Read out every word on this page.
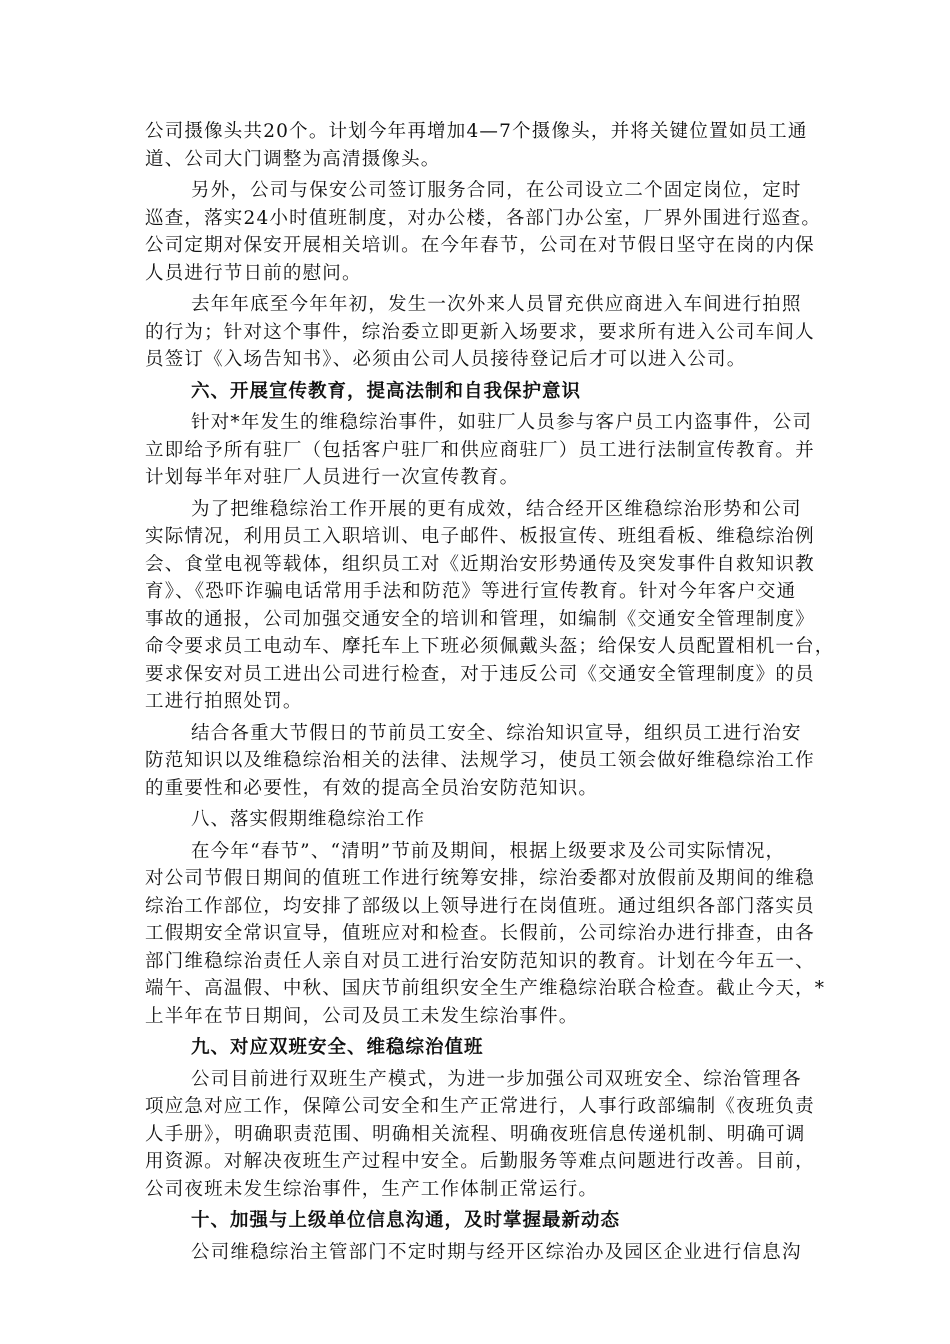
公司摄像头共20个。计划今年再增加4—7个摄像头，并将关键位置如员工通
道、公司大门调整为高清摄像头。
另外，公司与保安公司签订服务合同，在公司设立二个固定岗位，定时
巡查，落实24小时值班制度，对办公楼，各部门办公室，厂界外围进行巡查。
公司定期对保安开展相关培训。在今年春节，公司在对节假日坚守在岗的内保
人员进行节日前的慰问。
去年年底至今年年初，发生一次外来人员冒充供应商进入车间进行拍照
的行为；针对这个事件，综治委立即更新入场要求，要求所有进入公司车间人
员签订《入场告知书》、必须由公司人员接待登记后才可以进入公司。
六、开展宣传教育，提高法制和自我保护意识
针对*年发生的维稳综治事件，如驻厂人员参与客户员工内盗事件，公司
立即给予所有驻厂（包括客户驻厂和供应商驻厂）员工进行法制宣传教育。并
计划每半年对驻厂人员进行一次宣传教育。
为了把维稳综治工作开展的更有成效，结合经开区维稳综治形势和公司
实际情况，利用员工入职培训、电子邮件、板报宣传、班组看板、维稳综治例
会、食堂电视等载体，组织员工对《近期治安形势通传及突发事件自救知识教
育》、《恐吓诈骗电话常用手法和防范》等进行宣传教育。针对今年客户交通
事故的通报，公司加强交通安全的培训和管理，如编制《交通安全管理制度》
命令要求员工电动车、摩托车上下班必须佩戴头盔；给保安人员配置相机一台，
要求保安对员工进出公司进行检查，对于违反公司《交通安全管理制度》的员
工进行拍照处罚。
结合各重大节假日的节前员工安全、综治知识宣导，组织员工进行治安
防范知识以及维稳综治相关的法律、法规学习，使员工领会做好维稳综治工作
的重要性和必要性，有效的提高全员治安防范知识。
八、落实假期维稳综治工作
在今年“春节”、“清明”节前及期间，根据上级要求及公司实际情况，
对公司节假日期间的值班工作进行统筹安排，综治委都对放假前及期间的维稳
综治工作部位，均安排了部级以上领导进行在岗值班。通过组织各部门落实员
工假期安全常识宣导，值班应对和检查。长假前，公司综治办进行排查，由各
部门维稳综治责任人亲自对员工进行治安防范知识的教育。计划在今年五一、
端午、高温假、中秋、国庆节前组织安全生产维稳综治联合检查。截止今天，*
上半年在节日期间，公司及员工未发生综治事件。
九、对应双班安全、维稳综治值班
公司目前进行双班生产模式，为进一步加强公司双班安全、综治管理各
项应急对应工作，保障公司安全和生产正常进行，人事行政部编制《夜班负责
人手册》，明确职责范围、明确相关流程、明确夜班信息传递机制、明确可调
用资源。对解决夜班生产过程中安全。后勤服务等难点问题进行改善。目前，
公司夜班未发生综治事件，生产工作体制正常运行。
十、加强与上级单位信息沟通，及时掌握最新动态
公司维稳综治主管部门不定时期与经开区综治办及园区企业进行信息沟
